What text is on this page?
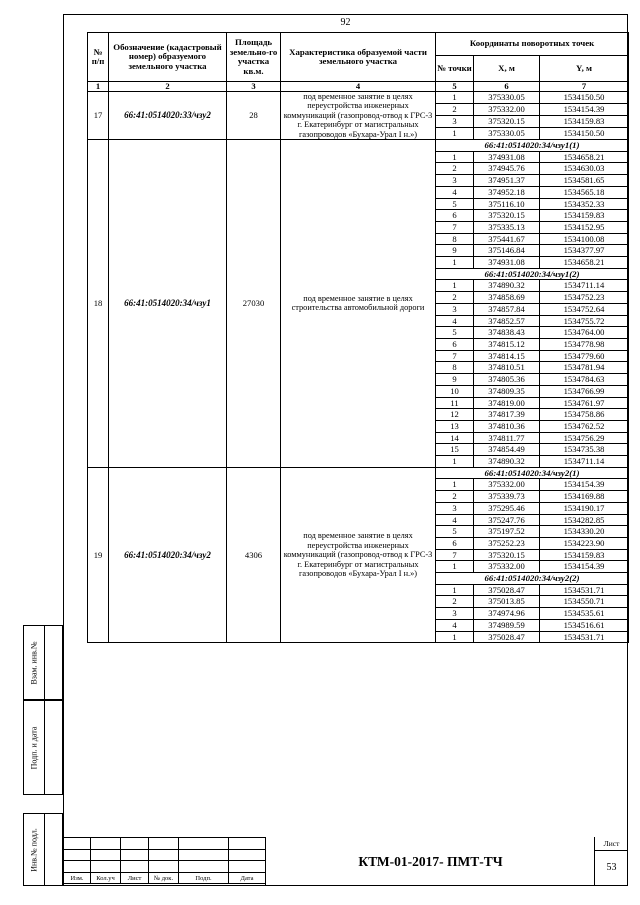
92
№ п/п	Обозначение (кадастровый номер) образуемого земельного участка	Площадь земельно-го участка кв.м.	Характеристика образуемой части земельного участка	Координаты поворотных точек		
				№ точки	X, м	Y, м
1	2	3	4	5	6	7
17	66:41:0514020:33/чзу2	28	под временное занятие в целях переустройства инженерных коммуникаций (газопровод-отвод к ГРС-3 г. Екатеринбург от магистральных газопроводов «Бухара-Урал I н.»)	1	375330.05	1534150.50
				2	375332.00	1534154.39
				3	375320.15	1534159.83
				1	375330.05	1534150.50
18	66:41:0514020:34/чзу1	27030	под временное занятие в целях строительства автомобильной дороги	66:41:0514020:34/чзу1(1)		
				1	374931.08	1534658.21
				2	374945.76	1534630.03
				3	374951.37	1534581.65
				4	374952.18	1534565.18
				5	375116.10	1534352.33
				6	375320.15	1534159.83
				7	375335.13	1534152.95
				8	375441.67	1534100.08
				9	375146.84	1534377.97
				1	374931.08	1534658.21
				66:41:0514020:34/чзу1(2)		
				1	374890.32	1534711.14
				2	374858.69	1534752.23
				3	374857.84	1534752.64
				4	374852.57	1534755.72
				5	374838.43	1534764.00
				6	374815.12	1534778.98
				7	374814.15	1534779.60
				8	374810.51	1534781.94
				9	374805.36	1534784.63
				10	374809.35	1534766.99
				11	374819.00	1534761.97
				12	374817.39	1534758.86
				13	374810.36	1534762.52
				14	374811.77	1534756.29
				15	374854.49	1534735.38
				1	374890.32	1534711.14
19	66:41:0514020:34/чзу2	4306	под временное занятие в целях переустройства инженерных коммуникаций (газопровод-отвод к ГРС-3 г. Екатеринбург от магистральных газопроводов «Бухара-Урал I н.»)	66:41:0514020:34/чзу2(1)		
				1	375332.00	1534154.39
				2	375339.73	1534169.88
				3	375295.46	1534190.17
				4	375247.76	1534282.85
				5	375197.52	1534330.20
				6	375252.23	1534223.90
				7	375320.15	1534159.83
				1	375332.00	1534154.39
				66:41:0514020:34/чзу2(2)		
				1	375028.47	1534531.71
				2	375013.85	1534550.71
				3	374974.96	1534535.61
				4	374989.59	1534516.61
				1	375028.47	1534531.71
Взам. инв.№
Подп. и дата
Инв.№ подл.

Изм.	Кол.уч	Лист	№ док.	Подп.	Дата
КТМ-01-2017- ПМТ-ТЧ
Лист
53
